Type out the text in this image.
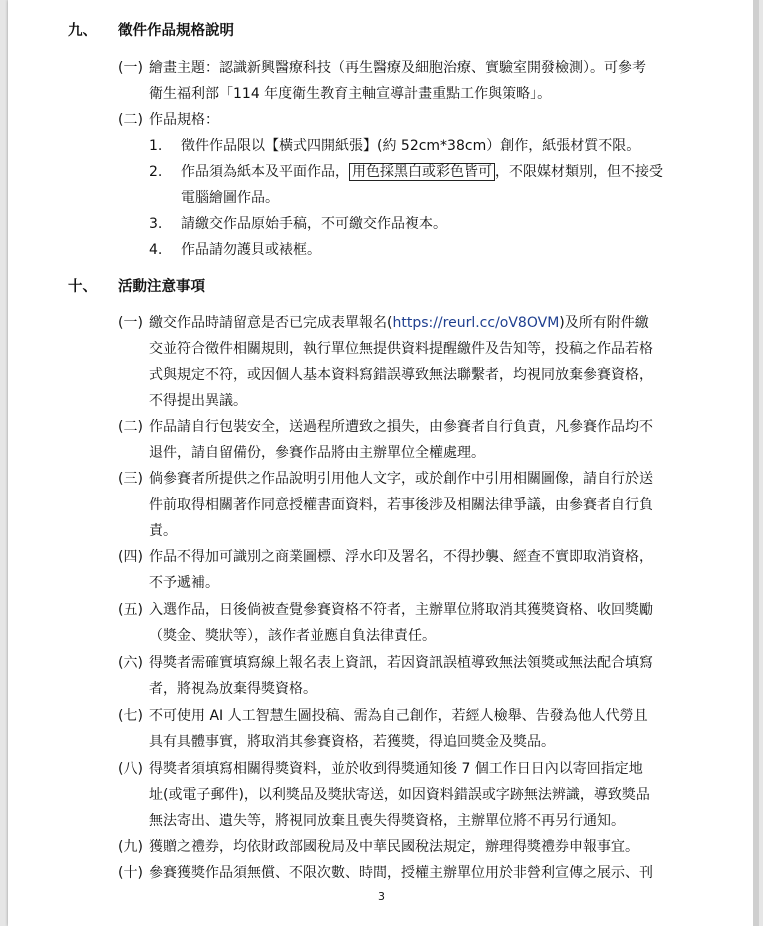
九、 徵件作品規格說明
(一) 繪畫主題：認識新興醫療科技（再生醫療及細胞治療、實驗室開發檢測）。可參考
衛生福利部「114 年度衛生教育主軸宣導計畫重點工作與策略」。
(二) 作品規格：
1. 徵件作品限以【橫式四開紙張】(約 52cm*38cm）創作，紙張材質不限。
2. 作品須為紙本及平面作品， 用色採黑白或彩色皆可 ，不限媒材類別，但不接受
電腦繪圖作品。
3. 請繳交作品原始手稿，不可繳交作品複本。
4. 作品請勿護貝或裱框。
十、 活動注意事項
(一) 繳交作品時請留意是否已完成表單報名(https://reurl.cc/oV8OVM)及所有附件繳
交並符合徵件相關規則，執行單位無提供資料提醒繳件及告知等，投稿之作品若格
式與規定不符，或因個人基本資料寫錯誤導致無法聯繫者，均視同放棄參賽資格，
不得提出異議。
(二) 作品請自行包裝安全，送過程所遭致之損失，由參賽者自行負責，凡參賽作品均不
退件，請自留備份，參賽作品將由主辦單位全權處理。
(三) 倘參賽者所提供之作品說明引用他人文字，或於創作中引用相關圖像，請自行於送
件前取得相關著作同意授權書面資料，若事後涉及相關法律爭議，由參賽者自行負
責。
(四) 作品不得加可識別之商業圖標、浮水印及署名，不得抄襲、經查不實即取消資格，
不予遞補。
(五) 入選作品，日後倘被查覺參賽資格不符者，主辦單位將取消其獲獎資格、收回獎勵
（獎金、獎狀等），該作者並應自負法律責任。
(六) 得獎者需確實填寫線上報名表上資訊，若因資訊誤植導致無法領獎或無法配合填寫
者，將視為放棄得獎資格。
(七) 不可使用 AI 人工智慧生圖投稿、需為自己創作，若經人檢舉、告發為他人代勞且
具有具體事實，將取消其參賽資格，若獲獎，得追回獎金及獎品。
(八) 得獎者須填寫相關得獎資料，並於收到得獎通知後 7 個工作日日內以寄回指定地
址(或電子郵件)，以利獎品及獎狀寄送，如因資料錯誤或字跡無法辨識，導致獎品
無法寄出、遺失等，將視同放棄且喪失得獎資格，主辦單位將不再另行通知。
(九) 獲贈之禮券，均依財政部國稅局及中華民國稅法規定，辦理得獎禮券申報事宜。
(十) 參賽獲獎作品須無償、不限次數、時間，授權主辦單位用於非營利宣傳之展示、刊
3
